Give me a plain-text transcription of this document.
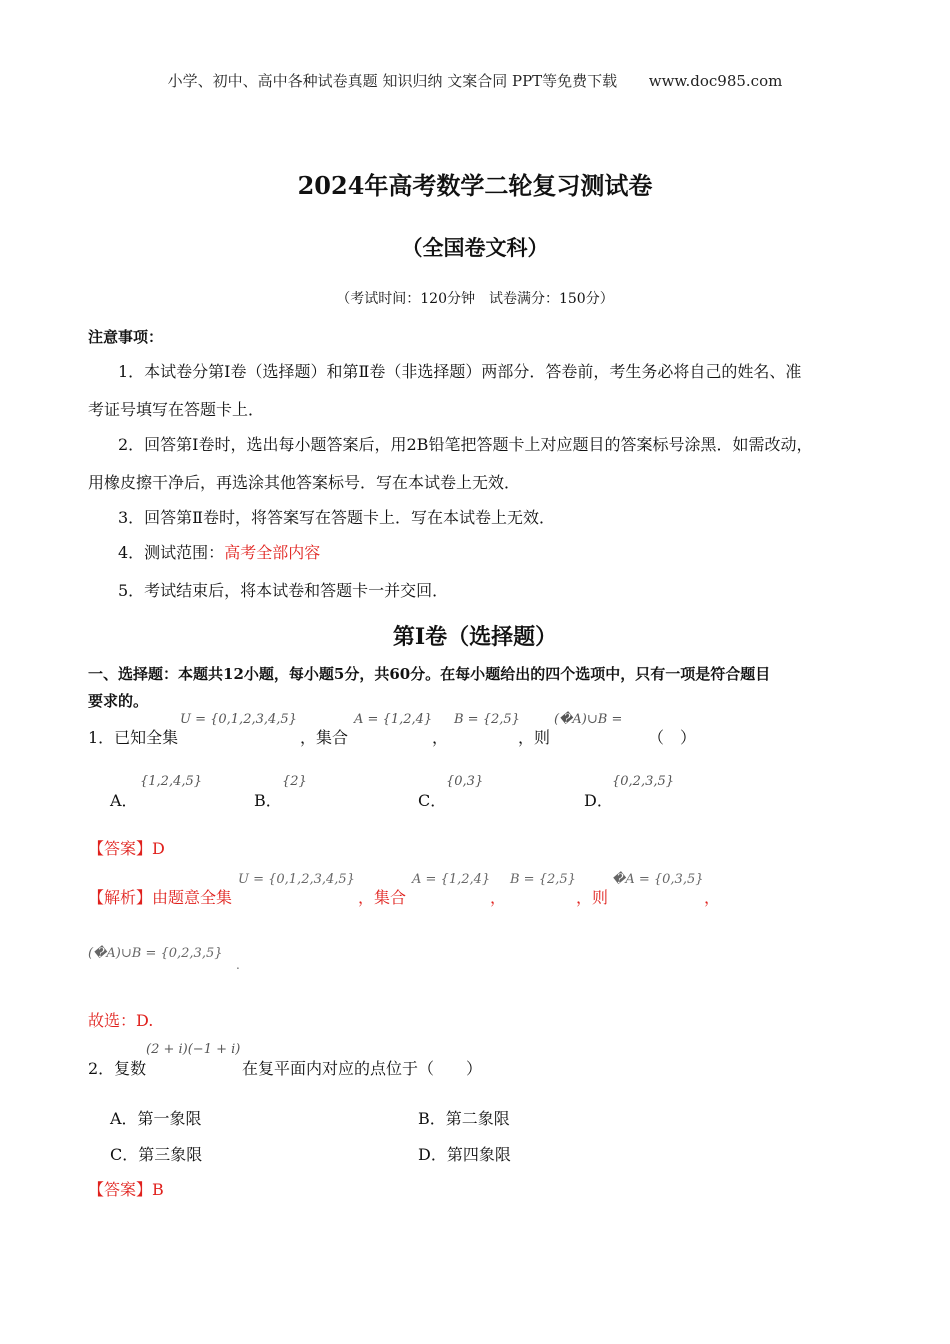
小学、初中、高中各种试卷真题 知识归纳 文案合同 PPT等免费下载 www.doc985.com
2024年高考数学二轮复习测试卷
（全国卷文科）
（考试时间：120分钟　试卷满分：150分）
注意事项：
1．本试卷分第Ⅰ卷（选择题）和第Ⅱ卷（非选择题）两部分．答卷前，考生务必将自己的姓名、准
考证号填写在答题卡上．
2．回答第Ⅰ卷时，选出每小题答案后，用2B铅笔把答题卡上对应题目的答案标号涂黑．如需改动，
用橡皮擦干净后，再选涂其他答案标号．写在本试卷上无效．
3．回答第Ⅱ卷时，将答案写在答题卡上．写在本试卷上无效．
4．测试范围：高考全部内容
5．考试结束后，将本试卷和答题卡一并交回．
第Ⅰ卷（选择题）
一、选择题：本题共12小题，每小题5分，共60分。在每小题给出的四个选项中，只有一项是符合题目
要求的。
1．已知全集
U = {0,1,2,3,4,5}
，集合
A = {1,2,4}
，
B = {2,5}
，则
(�A)∪B =
（　）
A．
{1,2,4,5}
B．
{2}
C．
{0,3}
D．
{0,2,3,5}
【答案】D
【解析】由题意全集
U = {0,1,2,3,4,5}
，集合
A = {1,2,4}
，
B = {2,5}
，则
�A = {0,3,5}
，
(�A)∪B = {0,2,3,5}
.
故选：D.
2．复数
(2 + i)(−1 + i)
在复平面内对应的点位于（　　）
A．第一象限	B．第二象限
C．第三象限	D．第四象限
【答案】B
